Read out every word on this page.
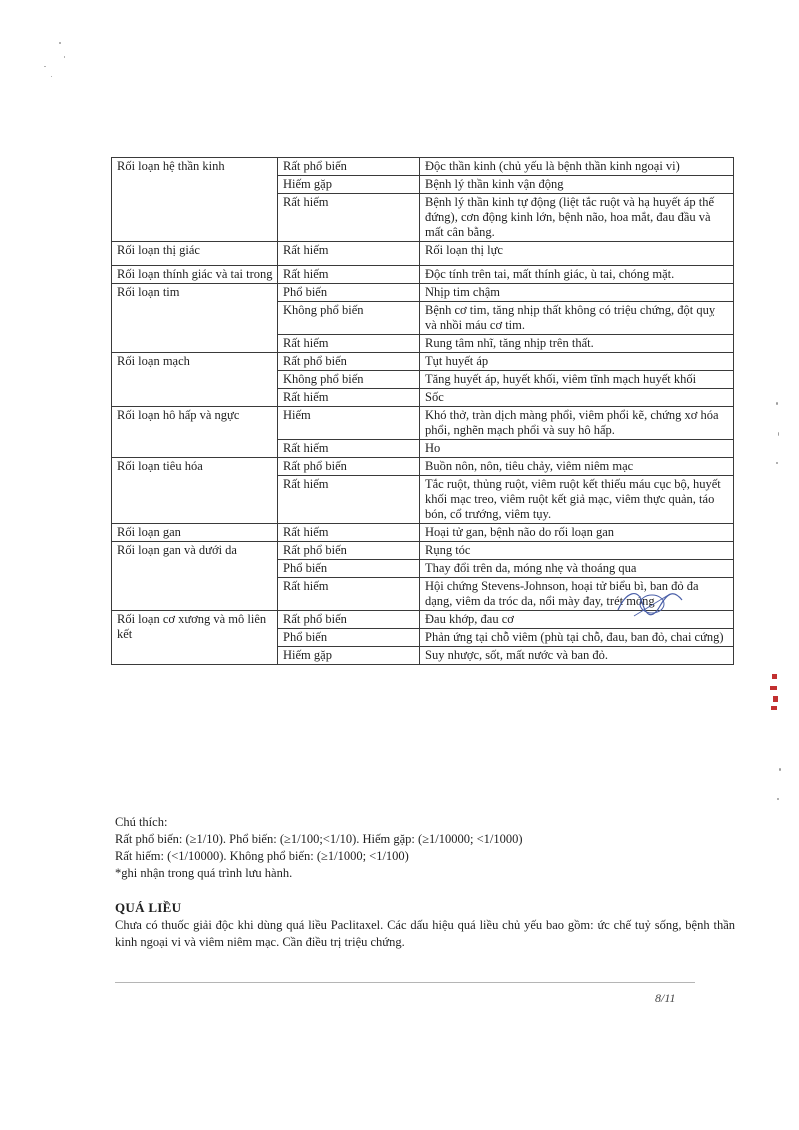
Rối loạn hệ thần kinh	Rất phổ biến	Độc thần kinh (chủ yếu là bệnh thần kinh ngoại vi)
	Hiếm gặp	Bệnh lý thần kinh vận động
	Rất hiếm	Bệnh lý thần kinh tự động (liệt tắc ruột và hạ huyết áp thế đứng), cơn động kinh lớn, bệnh não, hoa mắt, đau đầu và mất cân bằng.
Rối loạn thị giác	Rất hiếm	Rối loạn thị lực
Rối loạn thính giác và tai trong	Rất hiếm	Độc tính trên tai, mất thính giác, ù tai, chóng mặt.
Rối loạn tim	Phổ biến	Nhịp tim chậm
	Không phổ biến	Bệnh cơ tim, tăng nhịp thất không có triệu chứng, đột quỵ và nhồi máu cơ tim.
	Rất hiếm	Rung tâm nhĩ, tăng nhịp trên thất.
Rối loạn mạch	Rất phổ biến	Tụt huyết áp
	Không phổ biến	Tăng huyết áp, huyết khối, viêm tĩnh mạch huyết khối
	Rất hiếm	Sốc
Rối loạn hô hấp và ngực	Hiếm	Khó thở, tràn dịch màng phổi, viêm phổi kẽ, chứng xơ hóa phổi, nghẽn mạch phổi và suy hô hấp.
	Rất hiếm	Ho
Rối loạn tiêu hóa	Rất phổ biến	Buồn nôn, nôn, tiêu chảy, viêm niêm mạc
	Rất hiếm	Tắc ruột, thủng ruột, viêm ruột kết thiếu máu cục bộ, huyết khối mạc treo, viêm ruột kết giả mạc, viêm thực quản, táo bón, cổ trướng, viêm tụy.
Rối loạn gan	Rất hiếm	Hoại tử gan, bệnh não do rối loạn gan
Rối loạn gan và dưới da	Rất phổ biến	Rụng tóc
	Phổ biến	Thay đổi trên da, móng nhẹ và thoáng qua
	Rất hiếm	Hội chứng Stevens-Johnson, hoại tử biểu bì, ban đỏ đa dạng, viêm da tróc da, nổi mày đay, trét móng
Rối loạn cơ xương và mô liên kết	Rất phổ biến	Đau khớp, đau cơ
	Phổ biến	Phản ứng tại chỗ viêm (phù tại chỗ, đau, ban đỏ, chai cứng)
	Hiếm gặp	Suy nhược, sốt, mất nước và ban đỏ.
Chú thích:
Rất phổ biến: (≥1/10). Phổ biến: (≥1/100;<1/10). Hiếm gặp: (≥1/10000; <1/1000)
Rất hiếm: (<1/10000). Không phổ biến: (≥1/1000; <1/100)
*ghi nhận trong quá trình lưu hành.
QUÁ LIỀU
Chưa có thuốc giải độc khi dùng quá liều Paclitaxel. Các dấu hiệu quá liều chủ yếu bao gồm: ức chế tuỷ sống, bệnh thần kinh ngoại vi và viêm niêm mạc. Cần điều trị triệu chứng.
8/11
